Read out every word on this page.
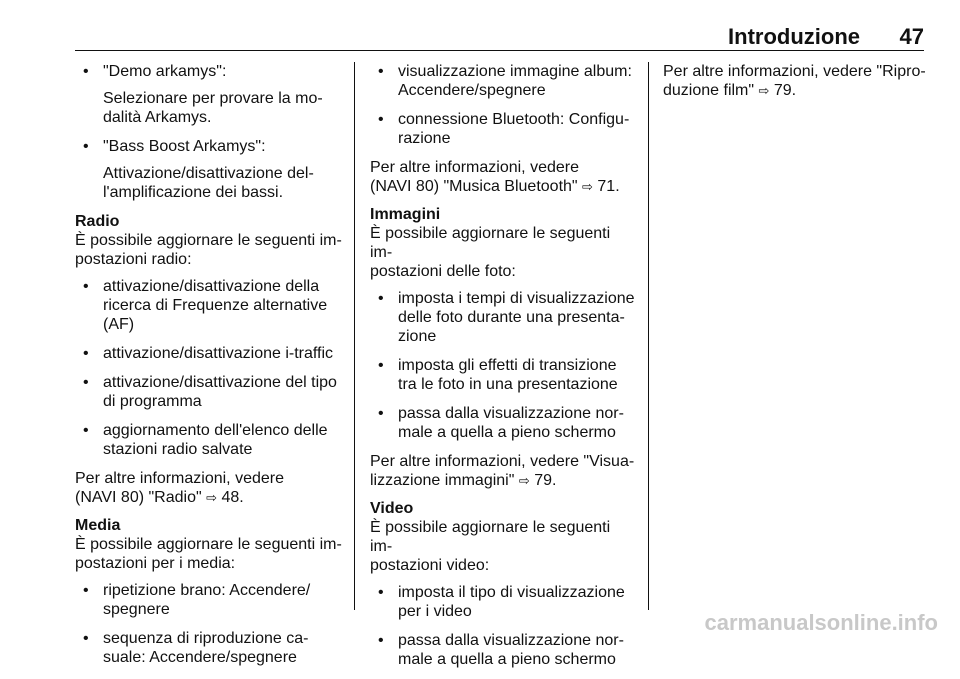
Introduzione 47
• "Demo arkamys":
Selezionare per provare la mo-
dalità Arkamys.
• "Bass Boost Arkamys":
Attivazione/disattivazione del-
l'amplificazione dei bassi.
Radio
È possibile aggiornare le seguenti im-
postazioni radio:
• attivazione/disattivazione della
ricerca di Frequenze alternative
(AF)
• attivazione/disattivazione i-traffic
• attivazione/disattivazione del tipo
di programma
• aggiornamento dell'elenco delle
stazioni radio salvate
Per altre informazioni, vedere
(NAVI 80) "Radio" ⇨ 48.
Media
È possibile aggiornare le seguenti im-
postazioni per i media:
• ripetizione brano: Accendere/
spegnere
• sequenza di riproduzione ca-
suale: Accendere/spegnere
• visualizzazione immagine album:
Accendere/spegnere
• connessione Bluetooth: Configu-
razione
Per altre informazioni, vedere
(NAVI 80) "Musica Bluetooth" ⇨ 71.
Immagini
È possibile aggiornare le seguenti im-
postazioni delle foto:
• imposta i tempi di visualizzazione
delle foto durante una presenta-
zione
• imposta gli effetti di transizione
tra le foto in una presentazione
• passa dalla visualizzazione nor-
male a quella a pieno schermo
Per altre informazioni, vedere "Visua-
lizzazione immagini" ⇨ 79.
Video
È possibile aggiornare le seguenti im-
postazioni video:
• imposta il tipo di visualizzazione
per i video
• passa dalla visualizzazione nor-
male a quella a pieno schermo
Per altre informazioni, vedere "Ripro-
duzione film" ⇨ 79.
carmanualsonline.info
